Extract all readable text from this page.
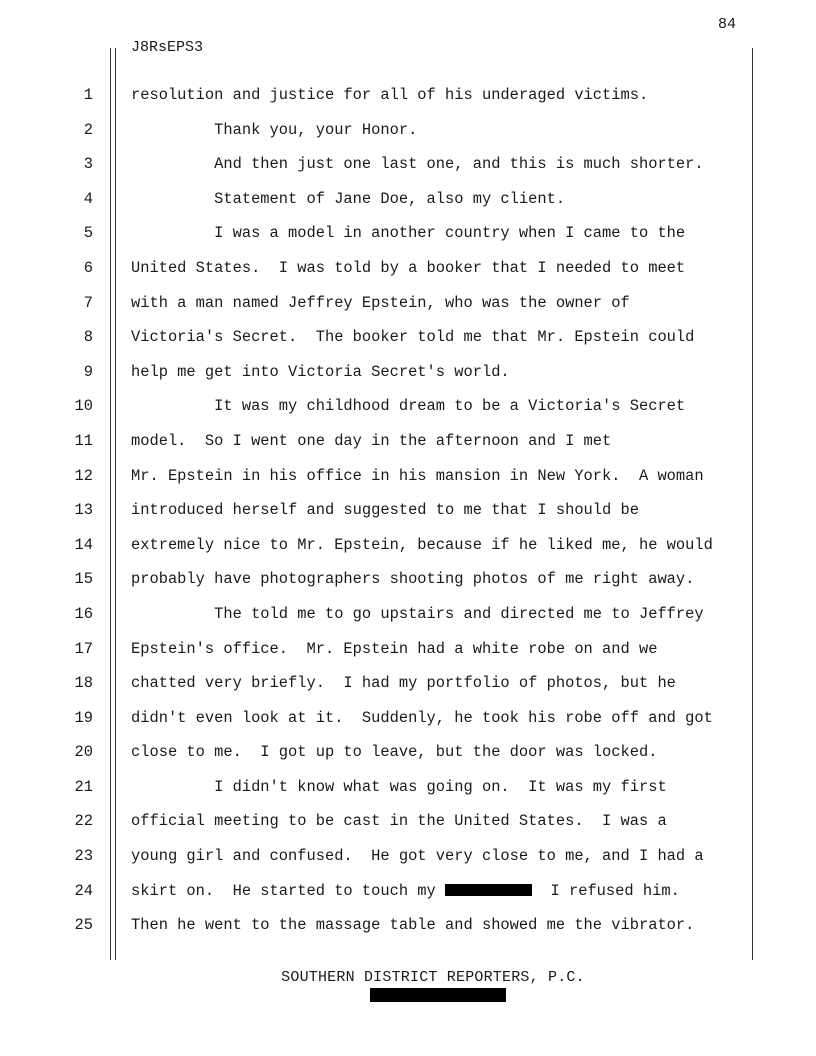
84
J8RsEPS3
1 resolution and justice for all of his underaged victims.
2 Thank you, your Honor.
3 And then just one last one, and this is much shorter.
4 Statement of Jane Doe, also my client.
5 I was a model in another country when I came to the
6 United States.  I was told by a booker that I needed to meet
7 with a man named Jeffrey Epstein, who was the owner of
8 Victoria's Secret.  The booker told me that Mr. Epstein could
9 help me get into Victoria Secret's world.
10 It was my childhood dream to be a Victoria's Secret
11 model.  So I went one day in the afternoon and I met
12 Mr. Epstein in his office in his mansion in New York.  A woman
13 introduced herself and suggested to me that I should be
14 extremely nice to Mr. Epstein, because if he liked me, he would
15 probably have photographers shooting photos of me right away.
16 The told me to go upstairs and directed me to Jeffrey
17 Epstein's office.  Mr. Epstein had a white robe on and we
18 chatted very briefly.  I had my portfolio of photos, but he
19 didn't even look at it.  Suddenly, he took his robe off and got
20 close to me.  I got up to leave, but the door was locked.
21 I didn't know what was going on.  It was my first
22 official meeting to be cast in the United States.  I was a
23 young girl and confused.  He got very close to me, and I had a
24 skirt on.  He started to touch my	I refused him.
25 Then he went to the massage table and showed me the vibrator.
SOUTHERN DISTRICT REPORTERS, P.C.
